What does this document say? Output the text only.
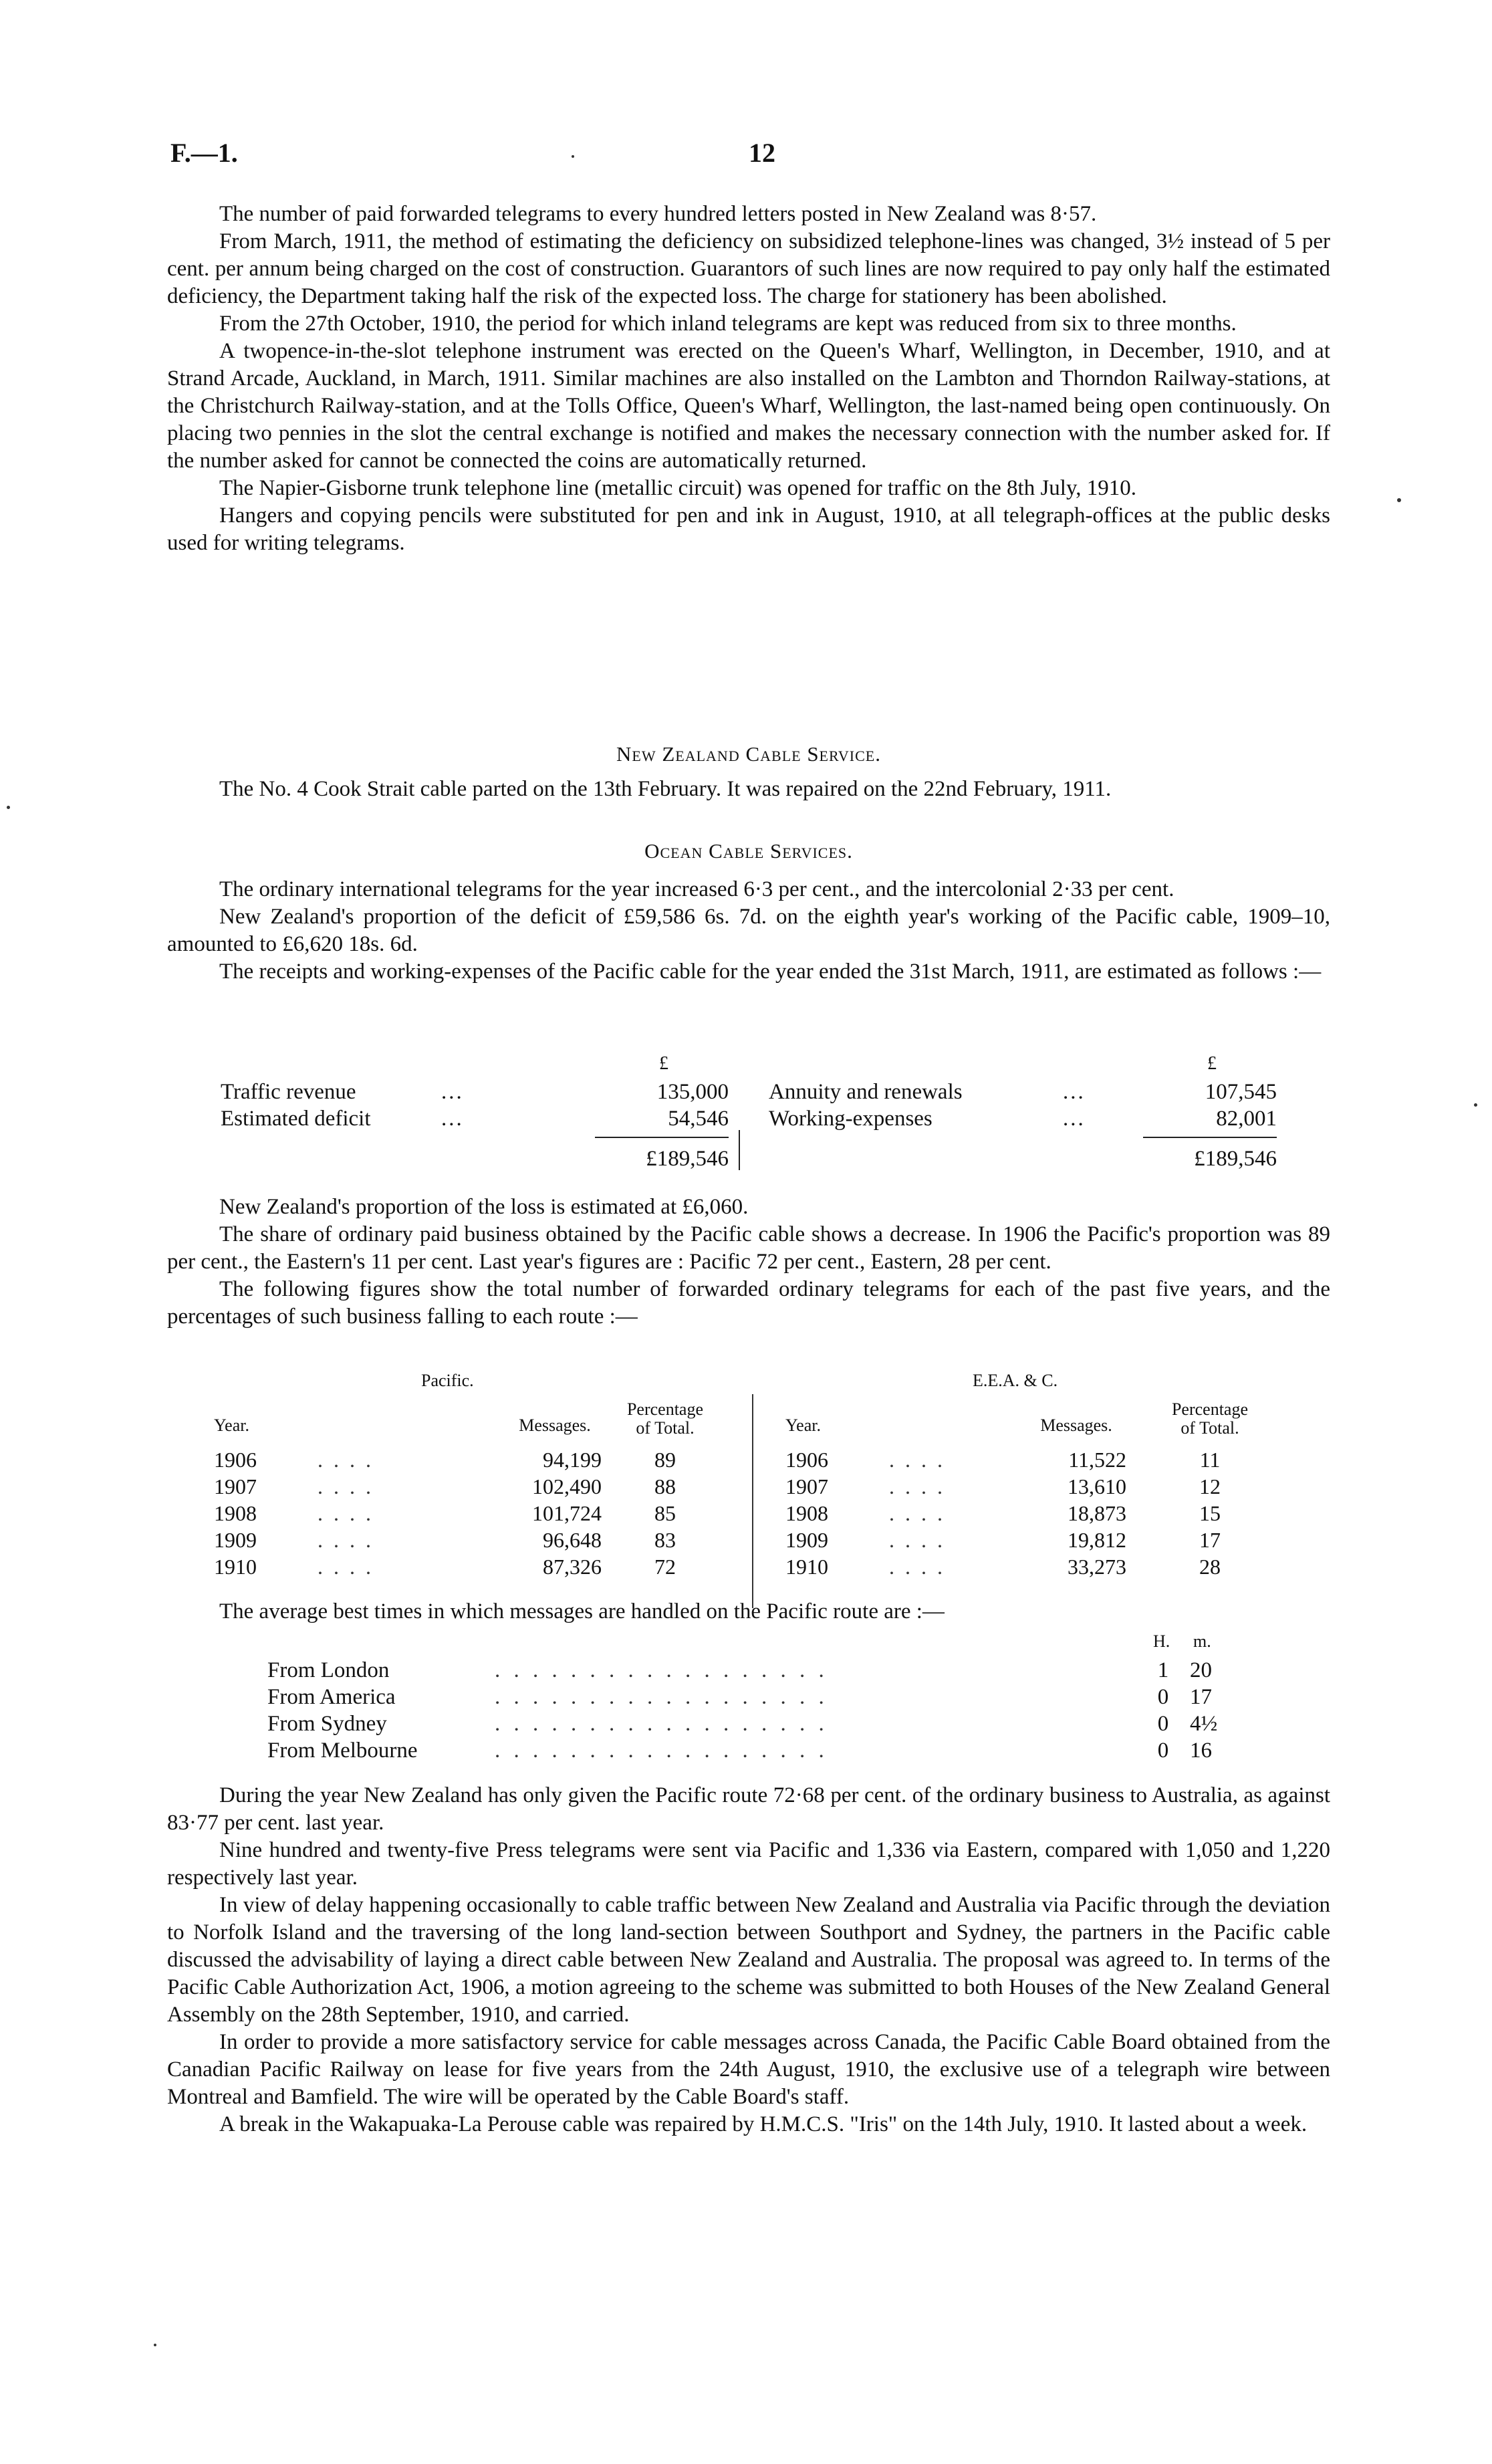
F.—1.	12

The number of paid forwarded telegrams to every hundred letters posted in New Zealand was 8·57.

From March, 1911, the method of estimating the deficiency on subsidized telephone-lines was changed, 3½ instead of 5 per cent. per annum being charged on the cost of construction. Guarantors of such lines are now required to pay only half the estimated deficiency, the Department taking half the risk of the expected loss. The charge for stationery has been abolished.

From the 27th October, 1910, the period for which inland telegrams are kept was reduced from six to three months.

A twopence-in-the-slot telephone instrument was erected on the Queen's Wharf, Wellington, in December, 1910, and at Strand Arcade, Auckland, in March, 1911. Similar machines are also installed on the Lambton and Thorndon Railway-stations, at the Christchurch Railway-station, and at the Tolls Office, Queen's Wharf, Wellington, the last-named being open continuously. On placing two pennies in the slot the central exchange is notified and makes the necessary connection with the number asked for. If the number asked for cannot be connected the coins are automatically returned.

The Napier-Gisborne trunk telephone line (metallic circuit) was opened for traffic on the 8th July, 1910.

Hangers and copying pencils were substituted for pen and ink in August, 1910, at all telegraph-offices at the public desks used for writing telegrams.

New Zealand Cable Service.

The No. 4 Cook Strait cable parted on the 13th February. It was repaired on the 22nd February, 1911.

Ocean Cable Services.

The ordinary international telegrams for the year increased 6·3 per cent., and the intercolonial 2·33 per cent.

New Zealand's proportion of the deficit of £59,586 6s. 7d. on the eighth year's working of the Pacific cable, 1909–10, amounted to £6,620 18s. 6d.

The receipts and working-expenses of the Pacific cable for the year ended the 31st March, 1911, are estimated as follows :—

£
Traffic revenue	...	135,000
Estimated deficit	...	54,546
£189,546
£
Annuity and renewals	...	107,545
Working-expenses	...	82,001
£189,546

New Zealand's proportion of the loss is estimated at £6,060.

The share of ordinary paid business obtained by the Pacific cable shows a decrease. In 1906 the Pacific's proportion was 89 per cent., the Eastern's 11 per cent. Last year's figures are : Pacific 72 per cent., Eastern, 28 per cent.

The following figures show the total number of forwarded ordinary telegrams for each of the past five years, and the percentages of such business falling to each route :—

Pacific.
Year.	Messages.
Percentage of Total.
1906	. . . .	94,199	89
1907	. . . .	102,490	88
1908	. . . .	101,724	85
1909	. . . .	96,648	83
1910	. . . .	87,326	72
E.E.A. & C.
Year.	Messages.
Percentage of Total.
1906	. . . .	11,522	11
1907	. . . .	13,610	12
1908	. . . .	18,873	15
1909	. . . .	19,812	17
1910	. . . .	33,273	28

The average best times in which messages are handled on the Pacific route are :—

H. m.
From London	. . . . . . . . . . . . . . . . . .	1 20
From America	. . . . . . . . . . . . . . . . . .	0 17
From Sydney	. . . . . . . . . . . . . . . . . .	0 4½
From Melbourne	. . . . . . . . . . . . . . . . . .	0 16

During the year New Zealand has only given the Pacific route 72·68 per cent. of the ordinary business to Australia, as against 83·77 per cent. last year.

Nine hundred and twenty-five Press telegrams were sent via Pacific and 1,336 via Eastern, compared with 1,050 and 1,220 respectively last year.

In view of delay happening occasionally to cable traffic between New Zealand and Australia via Pacific through the deviation to Norfolk Island and the traversing of the long land-section between Southport and Sydney, the partners in the Pacific cable discussed the advisability of laying a direct cable between New Zealand and Australia. The proposal was agreed to. In terms of the Pacific Cable Authorization Act, 1906, a motion agreeing to the scheme was submitted to both Houses of the New Zealand General Assembly on the 28th September, 1910, and carried.

In order to provide a more satisfactory service for cable messages across Canada, the Pacific Cable Board obtained from the Canadian Pacific Railway on lease for five years from the 24th August, 1910, the exclusive use of a telegraph wire between Montreal and Bamfield. The wire will be operated by the Cable Board's staff.

A break in the Wakapuaka-La Perouse cable was repaired by H.M.C.S. "Iris" on the 14th July, 1910. It lasted about a week.
